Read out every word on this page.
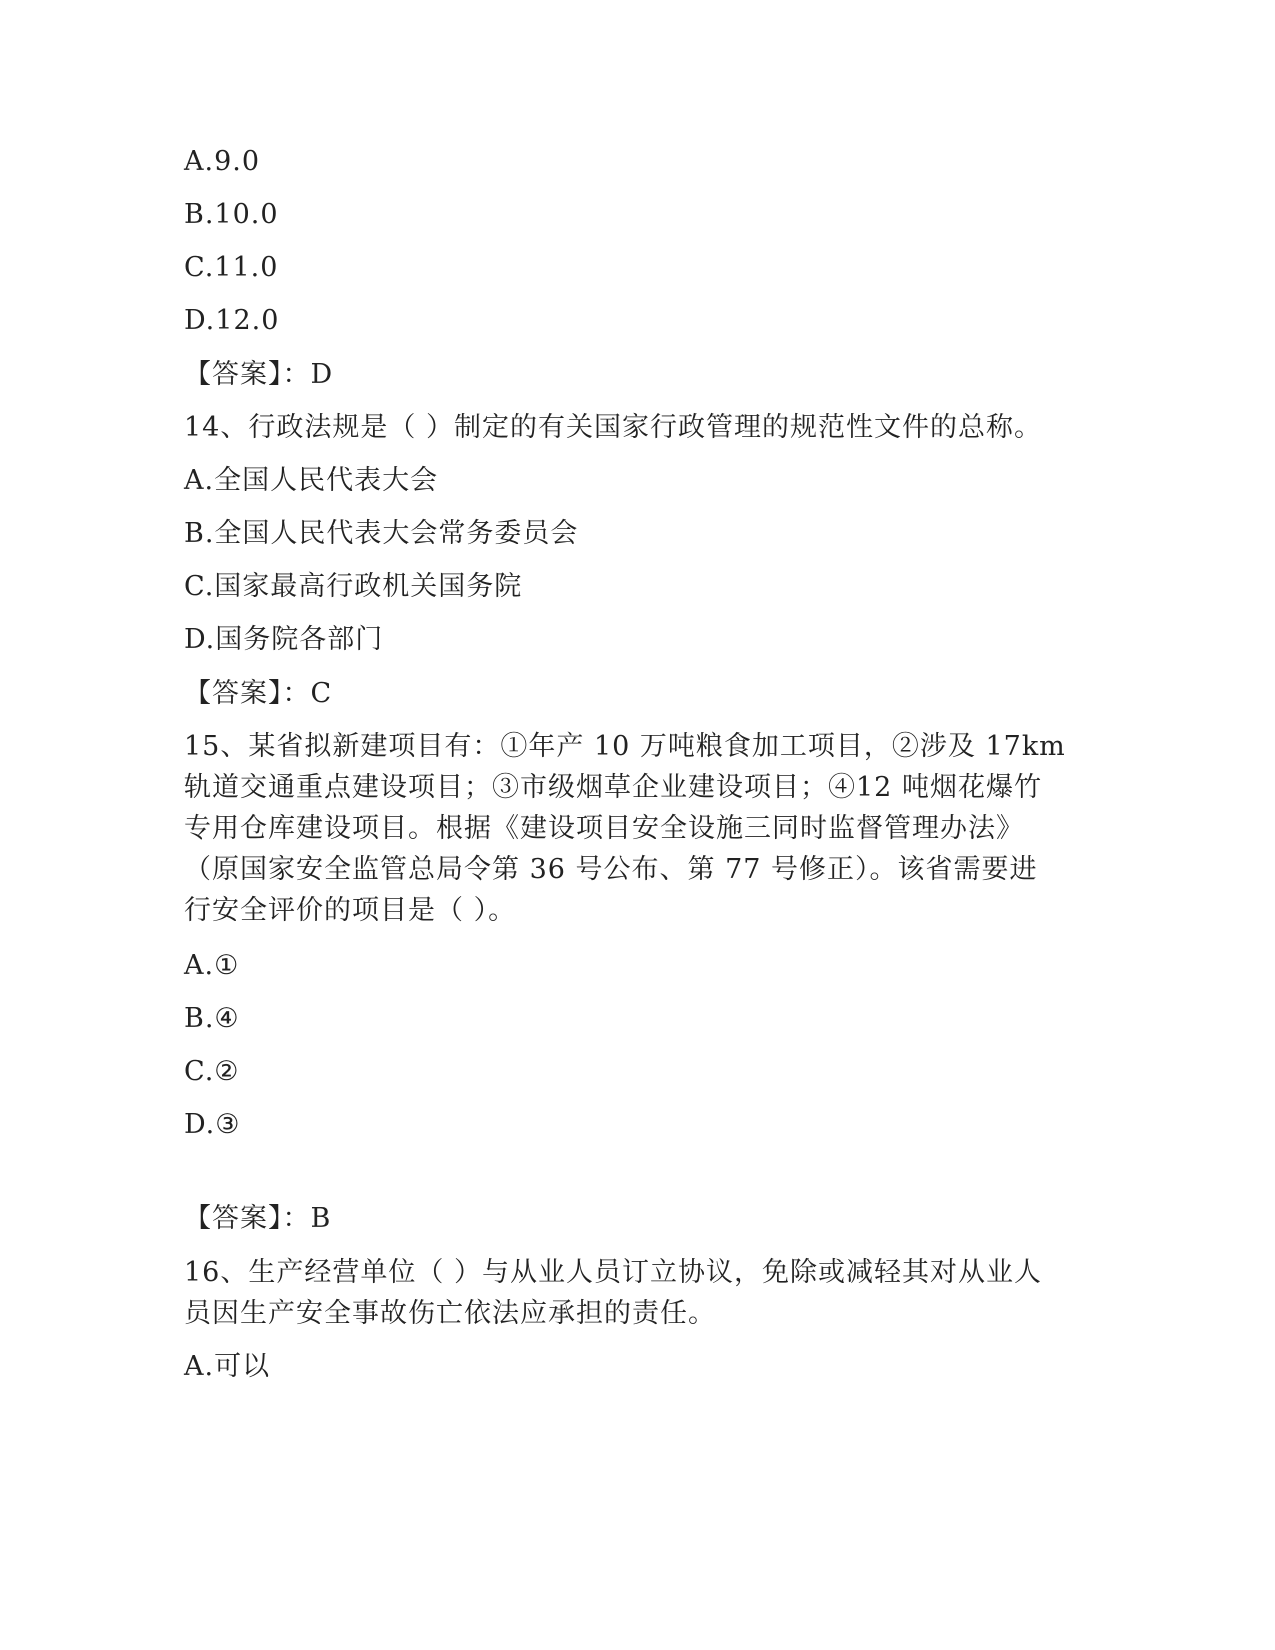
A.9.0
B.10.0
C.11.0
D.12.0
【答案】：D
14、行政法规是（ ）制定的有关国家行政管理的规范性文件的总称。
A.全国人民代表大会
B.全国人民代表大会常务委员会
C.国家最高行政机关国务院
D.国务院各部门
【答案】：C
15、某省拟新建项目有：①年产 10 万吨粮食加工项目，②涉及 17km
轨道交通重点建设项目；③市级烟草企业建设项目；④12 吨烟花爆竹
专用仓库建设项目。根据《建设项目安全设施三同时监督管理办法》
（原国家安全监管总局令第 36 号公布、第 77 号修正）。该省需要进
行安全评价的项目是（ ）。
A.①
B.④
C.②
D.③
【答案】：B
16、生产经营单位（ ）与从业人员订立协议，免除或减轻其对从业人
员因生产安全事故伤亡依法应承担的责任。
A.可以
